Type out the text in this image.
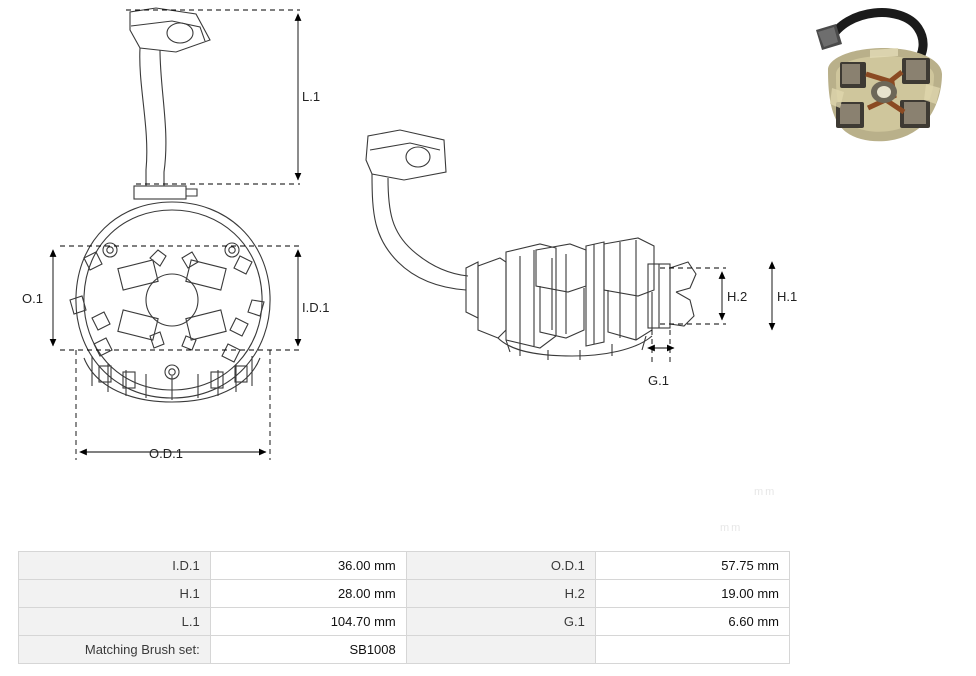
L.1
I.D.1
O.D.1
O.1	H.1
H.2
G.1
mm
mm
I.D.1	36.00 mm	O.D.1	57.75 mm
H.1	28.00 mm	H.2	19.00 mm
L.1	104.70 mm	G.1	6.60 mm
Matching Brush set:	SB1008		
